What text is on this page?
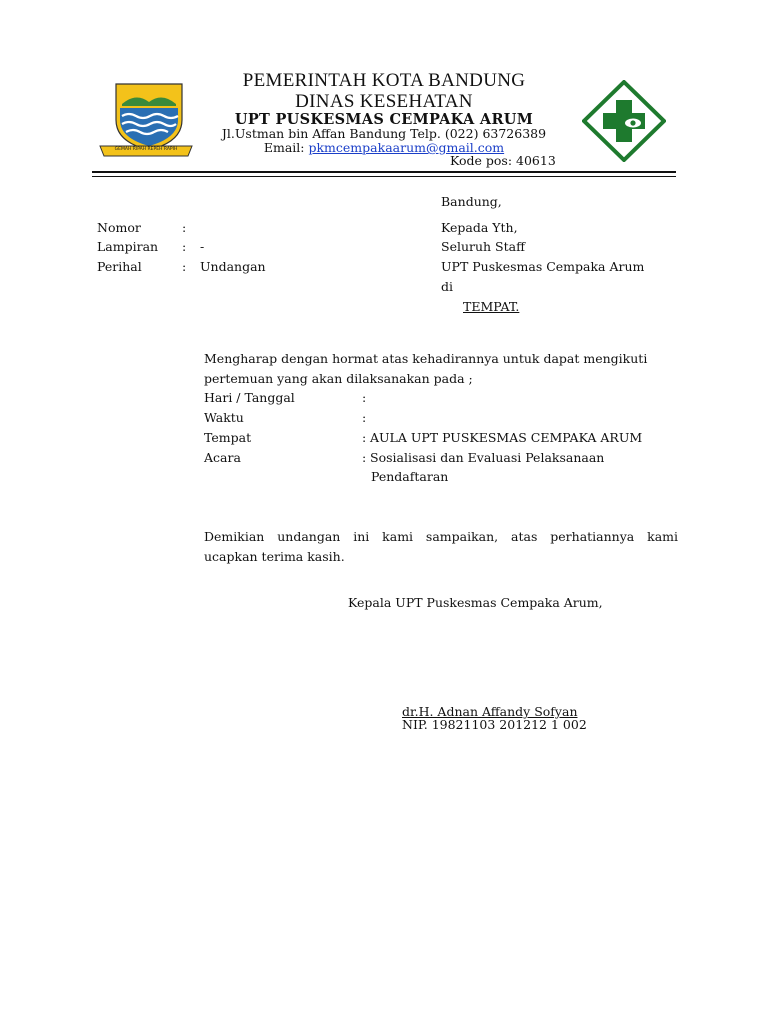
GEMAH RIPAH REPEH RAPIH
PEMERINTAH KOTA BANDUNG
DINAS KESEHATAN
UPT PUSKESMAS CEMPAKA ARUM
Jl.Ustman bin Affan Bandung Telp. (022) 63726389
Email: pkmcempakaarum@gmail.com
Kode pos: 40613
Bandung,
Nomor	:
Lampiran : -
Perihal	: Undangan
Kepada Yth,
Seluruh Staff
UPT Puskesmas Cempaka Arum
di
TEMPAT.
Mengharap dengan hormat atas kehadirannya untuk dapat mengikuti
pertemuan yang akan dilaksanakan pada ;
Hari / Tanggal	:
Waktu	:
Tempat	: AULA UPT PUSKESMAS CEMPAKA ARUM
Acara	: Sosialisasi dan Evaluasi Pelaksanaan
Pendaftaran
Demikian undangan ini kami sampaikan, atas perhatiannya kami
ucapkan terima kasih.
Kepala UPT Puskesmas Cempaka Arum,
dr.H. Adnan Affandy Sofyan
NIP. 19821103 201212 1 002
